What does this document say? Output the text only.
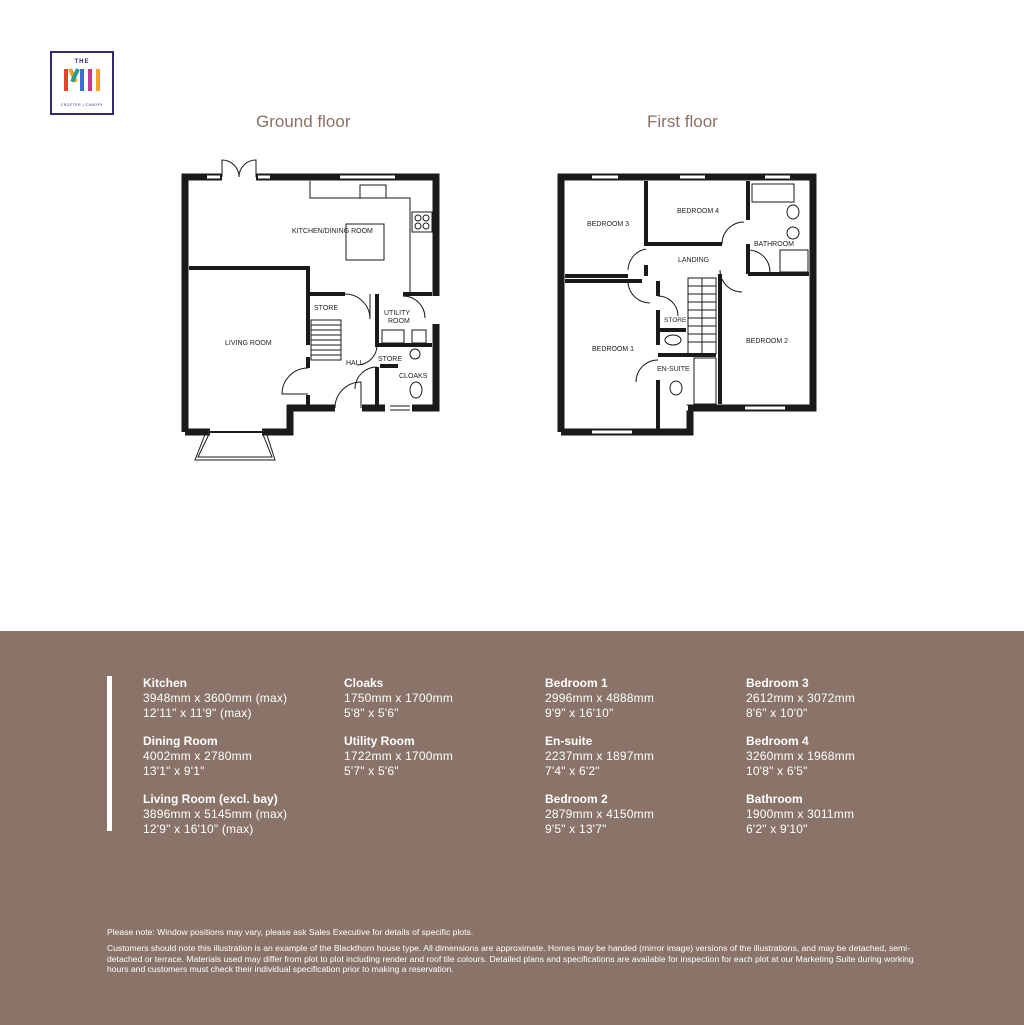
THE
CROFTER | CANOPY
Ground floor	First floor
KITCHEN/DINING ROOM
LIVING ROOM
STORE
UTILITY
ROOM
HALL
STORE
CLOAKS
BEDROOM 3
BEDROOM 4
BATHROOM
LANDING
BEDROOM 1
STORE
EN-SUITE
BEDROOM 2
Kitchen
3948mm x 3600mm (max)
12'11" x 11'9" (max)
Dining Room
4002mm x 2780mm
13'1" x 9'1"
Living Room (excl. bay)
3896mm x 5145mm (max)
12'9" x 16'10" (max)
Cloaks
1750mm x 1700mm
5'8" x 5'6"
Utility Room
1722mm x 1700mm
5'7" x 5'6"
Bedroom 1
2996mm x 4888mm
9'9" x 16'10"
En-suite
2237mm x 1897mm
7'4" x 6'2"
Bedroom 2
2879mm x 4150mm
9'5" x 13'7"
Bedroom 3
2612mm x 3072mm
8'6" x 10'0"
Bedroom 4
3260mm x 1968mm
10'8" x 6'5"
Bathroom
1900mm x 3011mm
6'2" x 9'10"
Please note: Window positions may vary, please ask Sales Executive for details of specific plots.
Customers should note this illustration is an example of the Blackthorn house type. All dimensions are approximate. Homes may be handed (mirror image) versions of the illustrations, and may be detached, semi-detached or terrace. Materials used may differ from plot to plot including render and roof tile colours. Detailed plans and specifications are available for inspection for each plot at our Marketing Suite during working hours and customers must check their individual specification prior to making a reservation.
